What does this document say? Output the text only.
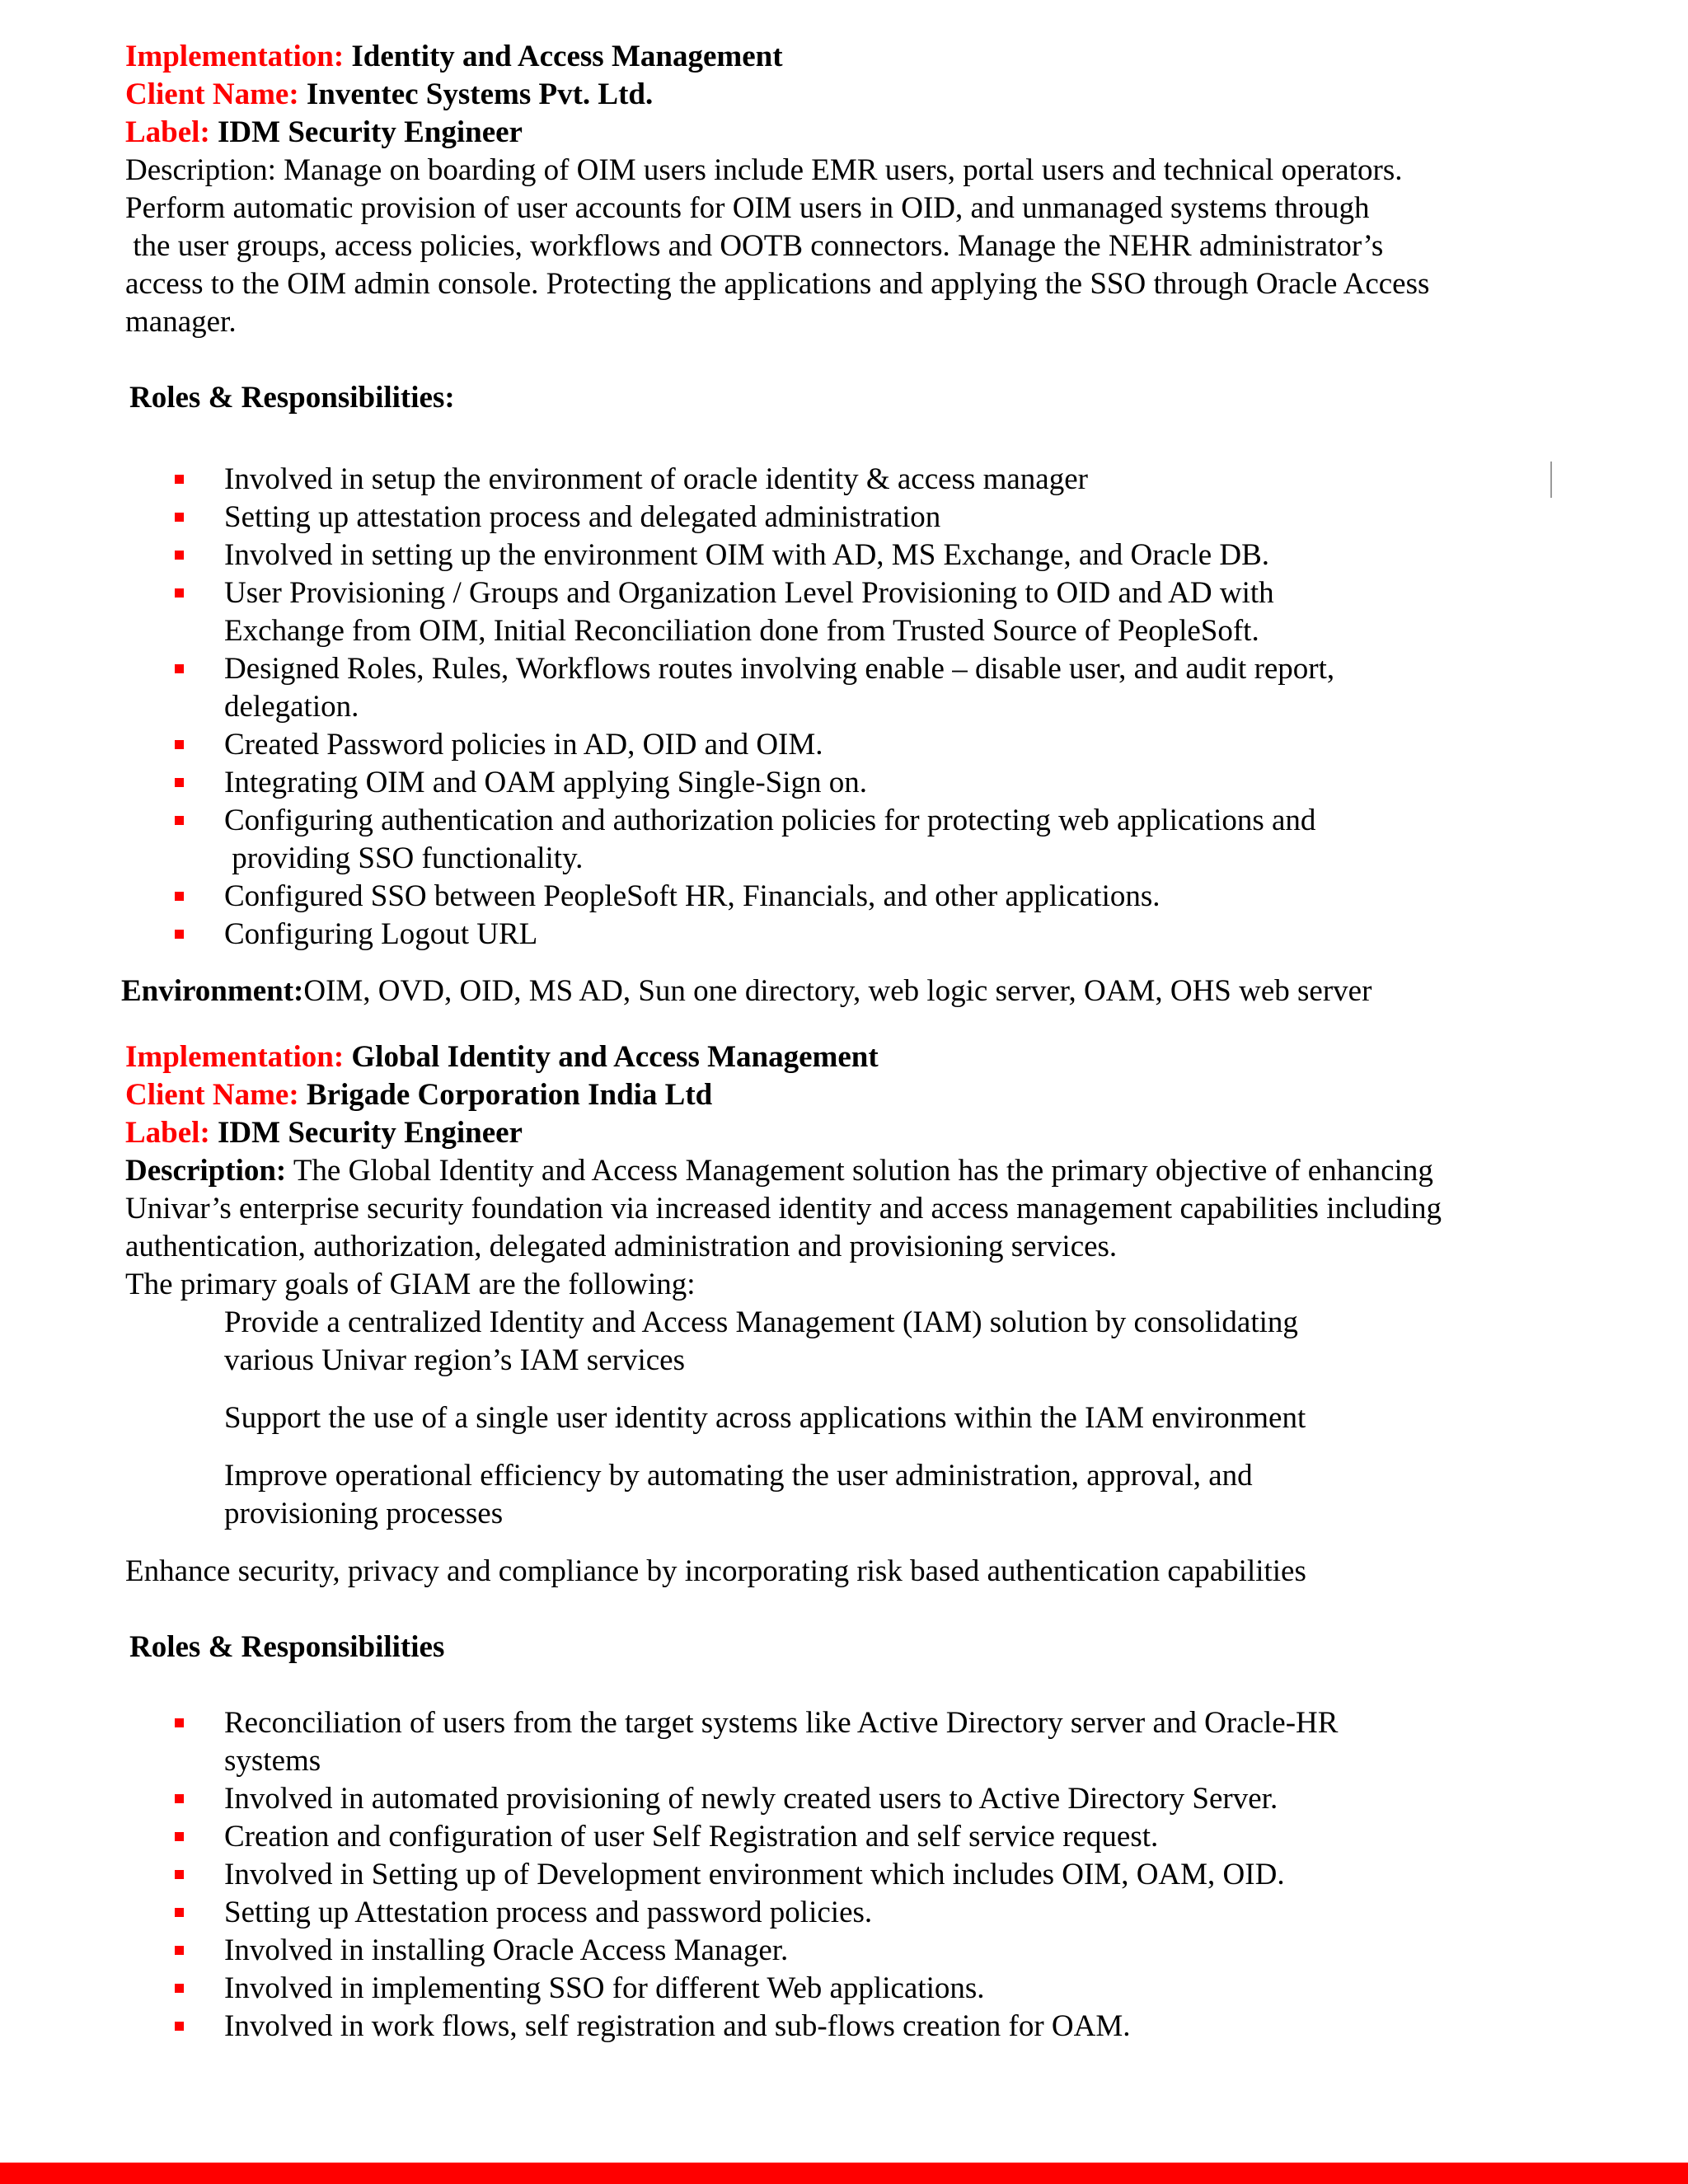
Implementation: Identity and Access Management

Client Name: Inventec Systems Pvt. Ltd.

Label: IDM Security Engineer

Description: Manage on boarding of OIM users include EMR users, portal users and technical operators.
Perform automatic provision of user accounts for OIM users in OID, and unmanaged systems through
the user groups, access policies, workflows and OOTB connectors. Manage the NEHR administrator’s
access to the OIM admin console. Protecting the applications and applying the SSO through Oracle Access
manager.

Roles & Responsibilities:

Involved in setup the environment of oracle identity & access manager
Setting up attestation process and delegated administration
Involved in setting up the environment OIM with AD, MS Exchange, and Oracle DB.
User Provisioning / Groups and Organization Level Provisioning to OID and AD with
Exchange from OIM, Initial Reconciliation done from Trusted Source of PeopleSoft.
Designed Roles, Rules, Workflows routes involving enable – disable user, and audit report,
delegation.
Created Password policies in AD, OID and OIM.
Integrating OIM and OAM applying Single-Sign on.
Configuring authentication and authorization policies for protecting web applications and
providing SSO functionality.
Configured SSO between PeopleSoft HR, Financials, and other applications.
Configuring Logout URL

Environment:OIM, OVD, OID, MS AD, Sun one directory, web logic server, OAM, OHS web server

Implementation: Global Identity and Access Management

Client Name: Brigade Corporation India Ltd

Label: IDM Security Engineer

Description: The Global Identity and Access Management solution has the primary objective of enhancing
Univar’s enterprise security foundation via increased identity and access management capabilities including
authentication, authorization, delegated administration and provisioning services.
The primary goals of GIAM are the following:
Provide a centralized Identity and Access Management (IAM) solution by consolidating
various Univar region’s IAM services
Support the use of a single user identity across applications within the IAM environment
Improve operational efficiency by automating the user administration, approval, and
provisioning processes

Enhance security, privacy and compliance by incorporating risk based authentication capabilities

Roles & Responsibilities

Reconciliation of users from the target systems like Active Directory server and Oracle-HR
systems
Involved in automated provisioning of newly created users to Active Directory Server.
Creation and configuration of user Self Registration and self service request.
Involved in Setting up of Development environment which includes OIM, OAM, OID.
Setting up Attestation process and password policies.
Involved in installing Oracle Access Manager.
Involved in implementing SSO for different Web applications.
Involved in work flows, self registration and sub-flows creation for OAM.
